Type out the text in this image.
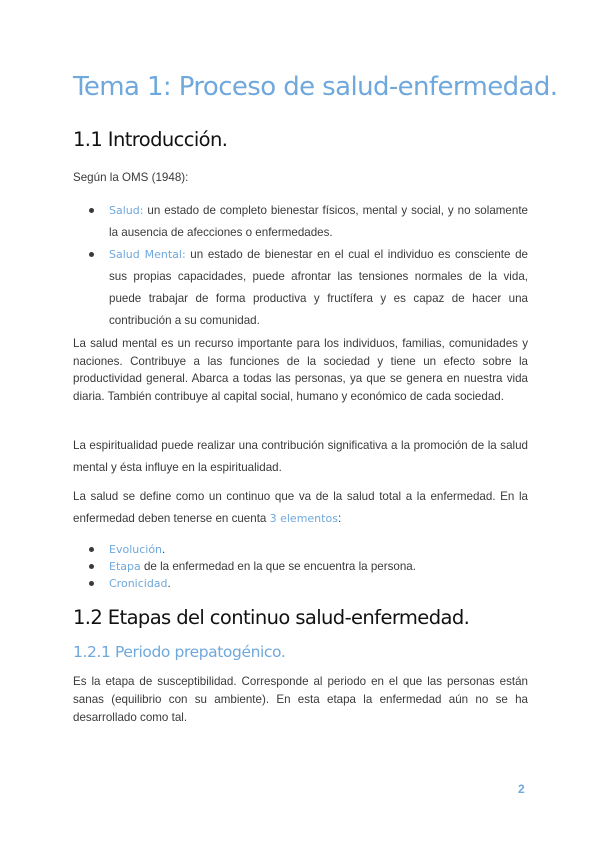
Tema 1: Proceso de salud-enfermedad.
1.1 Introducción.
Según la OMS (1948):
Salud: un estado de completo bienestar físicos, mental y social, y no solamente la ausencia de afecciones o enfermedades.
Salud Mental: un estado de bienestar en el cual el individuo es consciente de sus propias capacidades, puede afrontar las tensiones normales de la vida, puede trabajar de forma productiva y fructífera y es capaz de hacer una contribución a su comunidad.
La salud mental es un recurso importante para los individuos, familias, comunidades y naciones. Contribuye a las funciones de la sociedad y tiene un efecto sobre la productividad general. Abarca a todas las personas, ya que se genera en nuestra vida diaria. También contribuye al capital social, humano y económico de cada sociedad.
La espiritualidad puede realizar una contribución significativa a la promoción de la salud mental y ésta influye en la espiritualidad.
La salud se define como un continuo que va de la salud total a la enfermedad. En la enfermedad deben tenerse en cuenta 3 elementos:
Evolución.
Etapa de la enfermedad en la que se encuentra la persona.
Cronicidad.
1.2 Etapas del continuo salud-enfermedad.
1.2.1 Periodo prepatogénico.
Es la etapa de susceptibilidad. Corresponde al periodo en el que las personas están sanas (equilibrio con su ambiente). En esta etapa la enfermedad aún no se ha desarrollado como tal.
2
